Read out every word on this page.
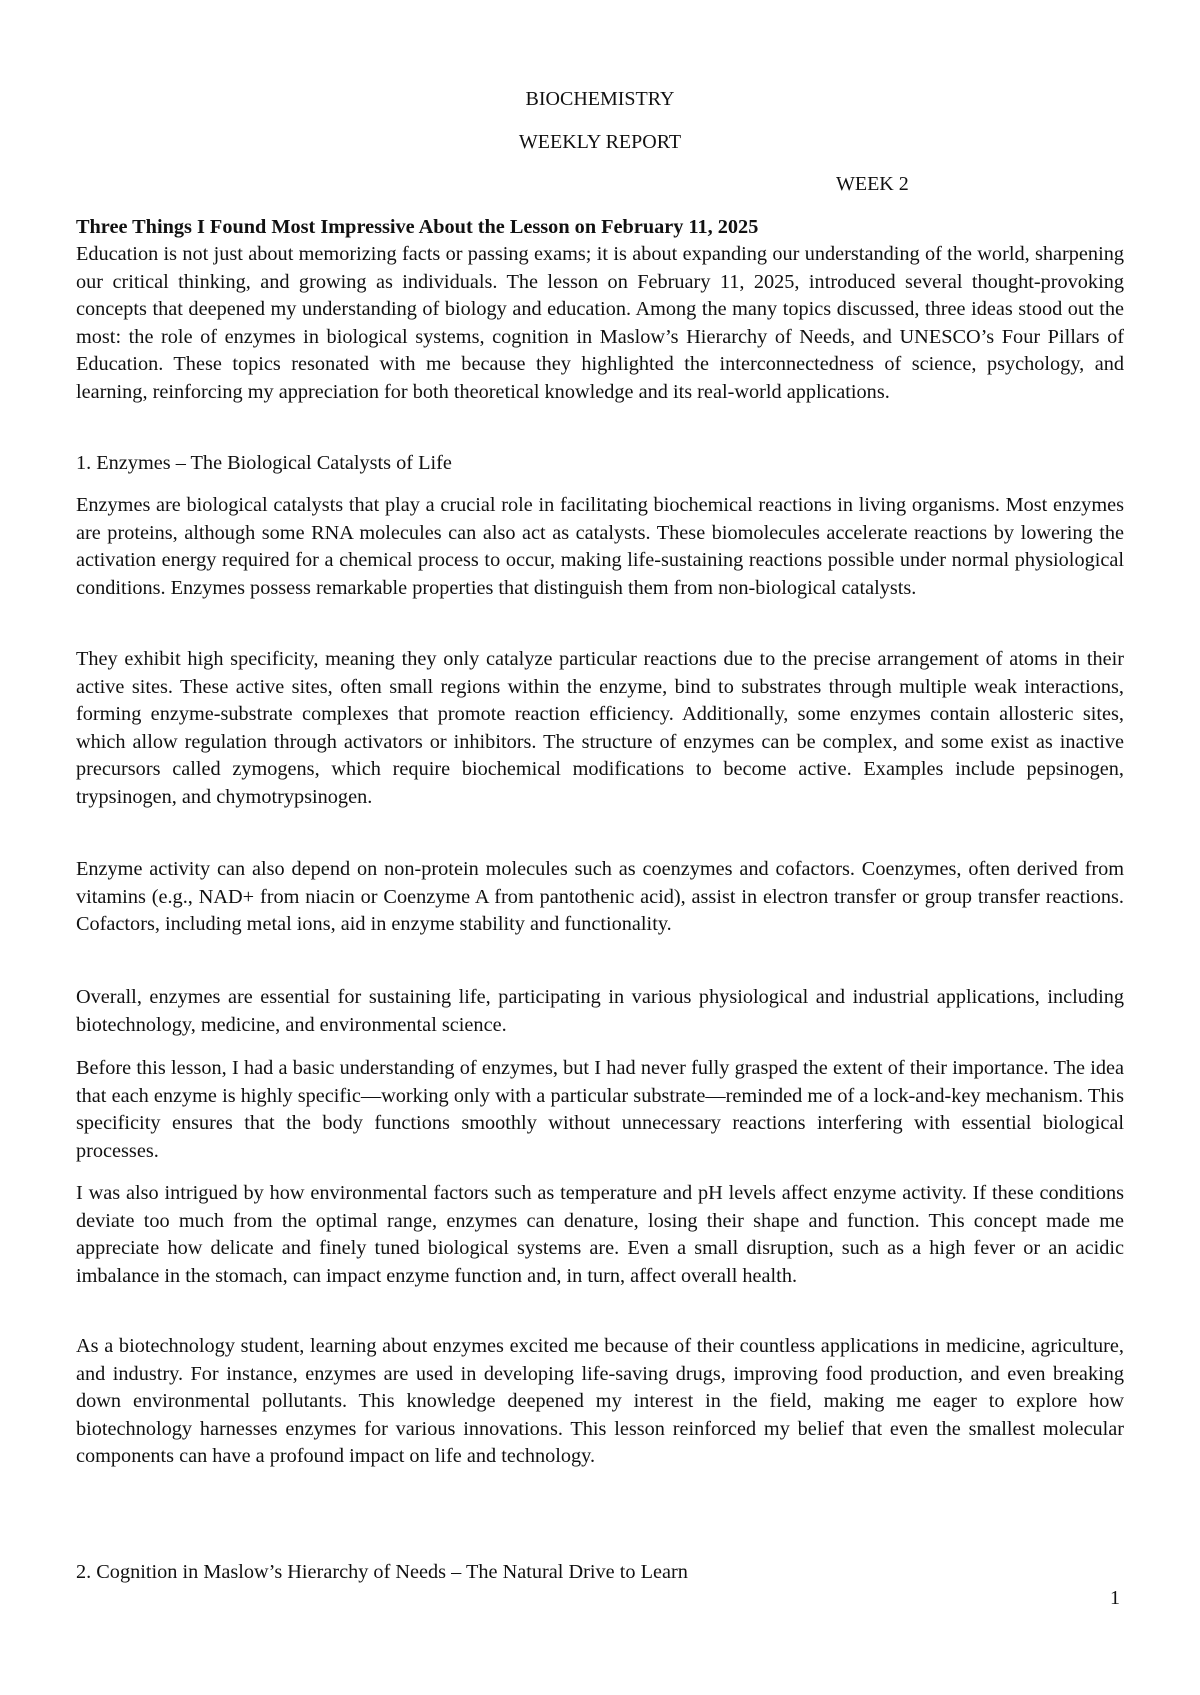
BIOCHEMISTRY
WEEKLY REPORT
WEEK 2
Three Things I Found Most Impressive About the Lesson on February 11, 2025
Education is not just about memorizing facts or passing exams; it is about expanding our understanding of the world, sharpening our critical thinking, and growing as individuals. The lesson on February 11, 2025, introduced several thought-provoking concepts that deepened my understanding of biology and education. Among the many topics discussed, three ideas stood out the most: the role of enzymes in biological systems, cognition in Maslow’s Hierarchy of Needs, and UNESCO’s Four Pillars of Education. These topics resonated with me because they highlighted the interconnectedness of science, psychology, and learning, reinforcing my appreciation for both theoretical knowledge and its real-world applications.
1. Enzymes – The Biological Catalysts of Life
Enzymes are biological catalysts that play a crucial role in facilitating biochemical reactions in living organisms. Most enzymes are proteins, although some RNA molecules can also act as catalysts. These biomolecules accelerate reactions by lowering the activation energy required for a chemical process to occur, making life-sustaining reactions possible under normal physiological conditions. Enzymes possess remarkable properties that distinguish them from non-biological catalysts.
They exhibit high specificity, meaning they only catalyze particular reactions due to the precise arrangement of atoms in their active sites. These active sites, often small regions within the enzyme, bind to substrates through multiple weak interactions, forming enzyme-substrate complexes that promote reaction efficiency. Additionally, some enzymes contain allosteric sites, which allow regulation through activators or inhibitors. The structure of enzymes can be complex, and some exist as inactive precursors called zymogens, which require biochemical modifications to become active. Examples include pepsinogen, trypsinogen, and chymotrypsinogen.
Enzyme activity can also depend on non-protein molecules such as coenzymes and cofactors. Coenzymes, often derived from vitamins (e.g., NAD+ from niacin or Coenzyme A from pantothenic acid), assist in electron transfer or group transfer reactions. Cofactors, including metal ions, aid in enzyme stability and functionality.
Overall, enzymes are essential for sustaining life, participating in various physiological and industrial applications, including biotechnology, medicine, and environmental science.
Before this lesson, I had a basic understanding of enzymes, but I had never fully grasped the extent of their importance. The idea that each enzyme is highly specific—working only with a particular substrate—reminded me of a lock-and-key mechanism. This specificity ensures that the body functions smoothly without unnecessary reactions interfering with essential biological processes.
I was also intrigued by how environmental factors such as temperature and pH levels affect enzyme activity. If these conditions deviate too much from the optimal range, enzymes can denature, losing their shape and function. This concept made me appreciate how delicate and finely tuned biological systems are. Even a small disruption, such as a high fever or an acidic imbalance in the stomach, can impact enzyme function and, in turn, affect overall health.
As a biotechnology student, learning about enzymes excited me because of their countless applications in medicine, agriculture, and industry. For instance, enzymes are used in developing life-saving drugs, improving food production, and even breaking down environmental pollutants. This knowledge deepened my interest in the field, making me eager to explore how biotechnology harnesses enzymes for various innovations. This lesson reinforced my belief that even the smallest molecular components can have a profound impact on life and technology.
2. Cognition in Maslow’s Hierarchy of Needs – The Natural Drive to Learn
1
